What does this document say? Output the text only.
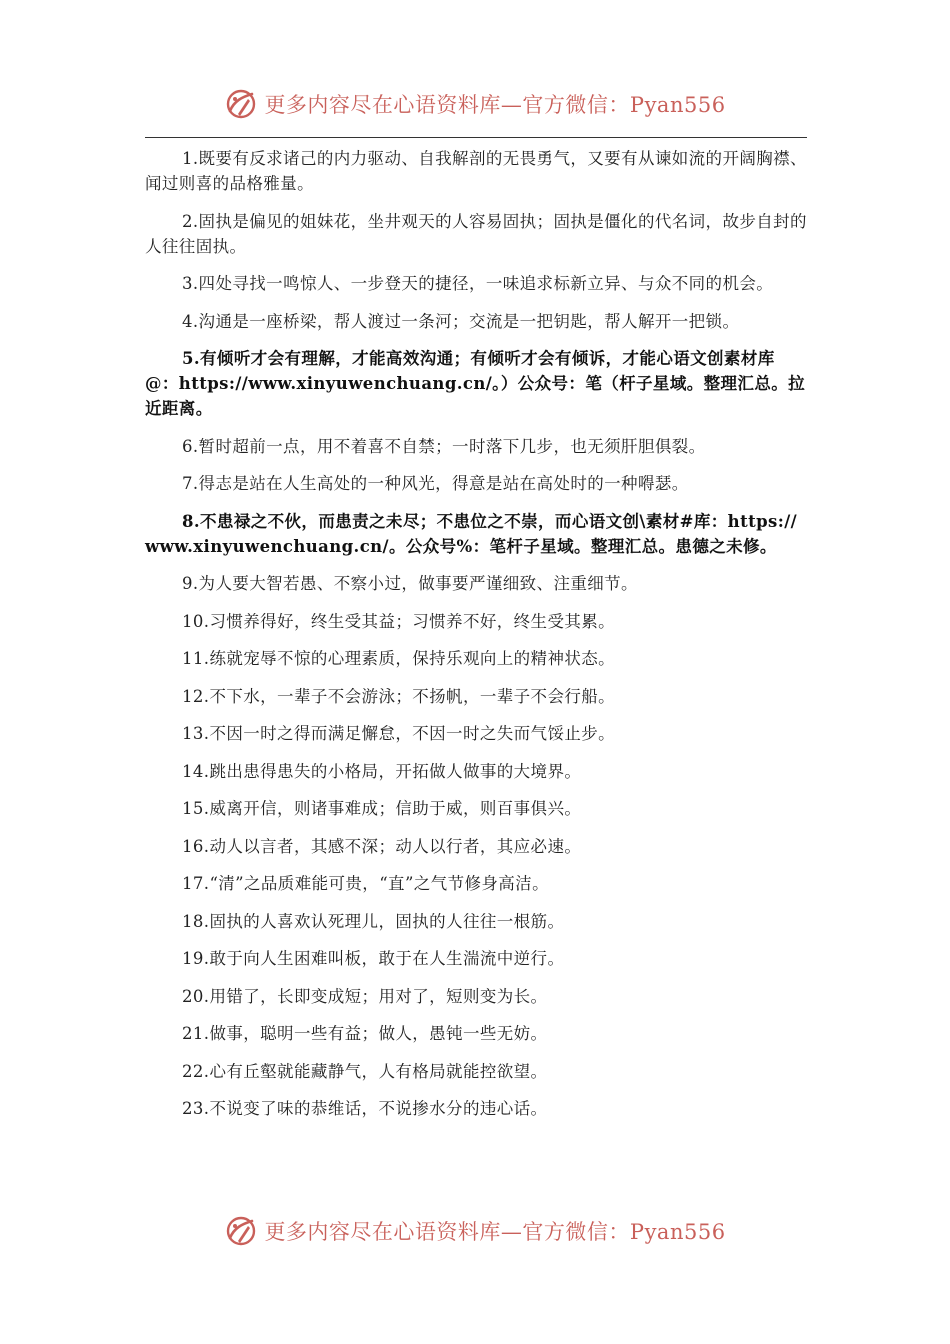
更多内容尽在心语资料库—官方微信：Pyan556

1.既要有反求诸己的内力驱动、自我解剖的无畏勇气，又要有从谏如流的开阔胸襟、闻过则喜的品格雅量。

2.固执是偏见的姐妹花，坐井观天的人容易固执；固执是僵化的代名词，故步自封的人往往固执。

3.四处寻找一鸣惊人、一步登天的捷径，一味追求标新立异、与众不同的机会。

4.沟通是一座桥梁，帮人渡过一条河；交流是一把钥匙，帮人解开一把锁。

5.有倾听才会有理解，才能高效沟通；有倾听才会有倾诉，才能心语文创素材库@：https://www.xinyuwenchuang.cn/。）公众号：笔（杆子星域。整理汇总。拉近距离。

6.暂时超前一点，用不着喜不自禁；一时落下几步，也无须肝胆俱裂。

7.得志是站在人生高处的一种风光，得意是站在高处时的一种嘚瑟。

8.不患禄之不伙，而患责之未尽；不患位之不崇，而心语文创\素材#库：https://www.xinyuwenchuang.cn/。公众号%：笔杆子星域。整理汇总。患德之未修。

9.为人要大智若愚、不察小过，做事要严谨细致、注重细节。

10.习惯养得好，终生受其益；习惯养不好，终生受其累。

11.练就宠辱不惊的心理素质，保持乐观向上的精神状态。

12.不下水，一辈子不会游泳；不扬帆，一辈子不会行船。

13.不因一时之得而满足懈怠，不因一时之失而气馁止步。

14.跳出患得患失的小格局，开拓做人做事的大境界。

15.威离开信，则诸事难成；信助于威，则百事俱兴。

16.动人以言者，其感不深；动人以行者，其应必速。

17.“清”之品质难能可贵，“直”之气节修身高洁。

18.固执的人喜欢认死理儿，固执的人往往一根筋。

19.敢于向人生困难叫板，敢于在人生湍流中逆行。

20.用错了，长即变成短；用对了，短则变为长。

21.做事，聪明一些有益；做人，愚钝一些无妨。

22.心有丘壑就能藏静气，人有格局就能控欲望。

23.不说变了味的恭维话，不说掺水分的违心话。

更多内容尽在心语资料库—官方微信：Pyan556
